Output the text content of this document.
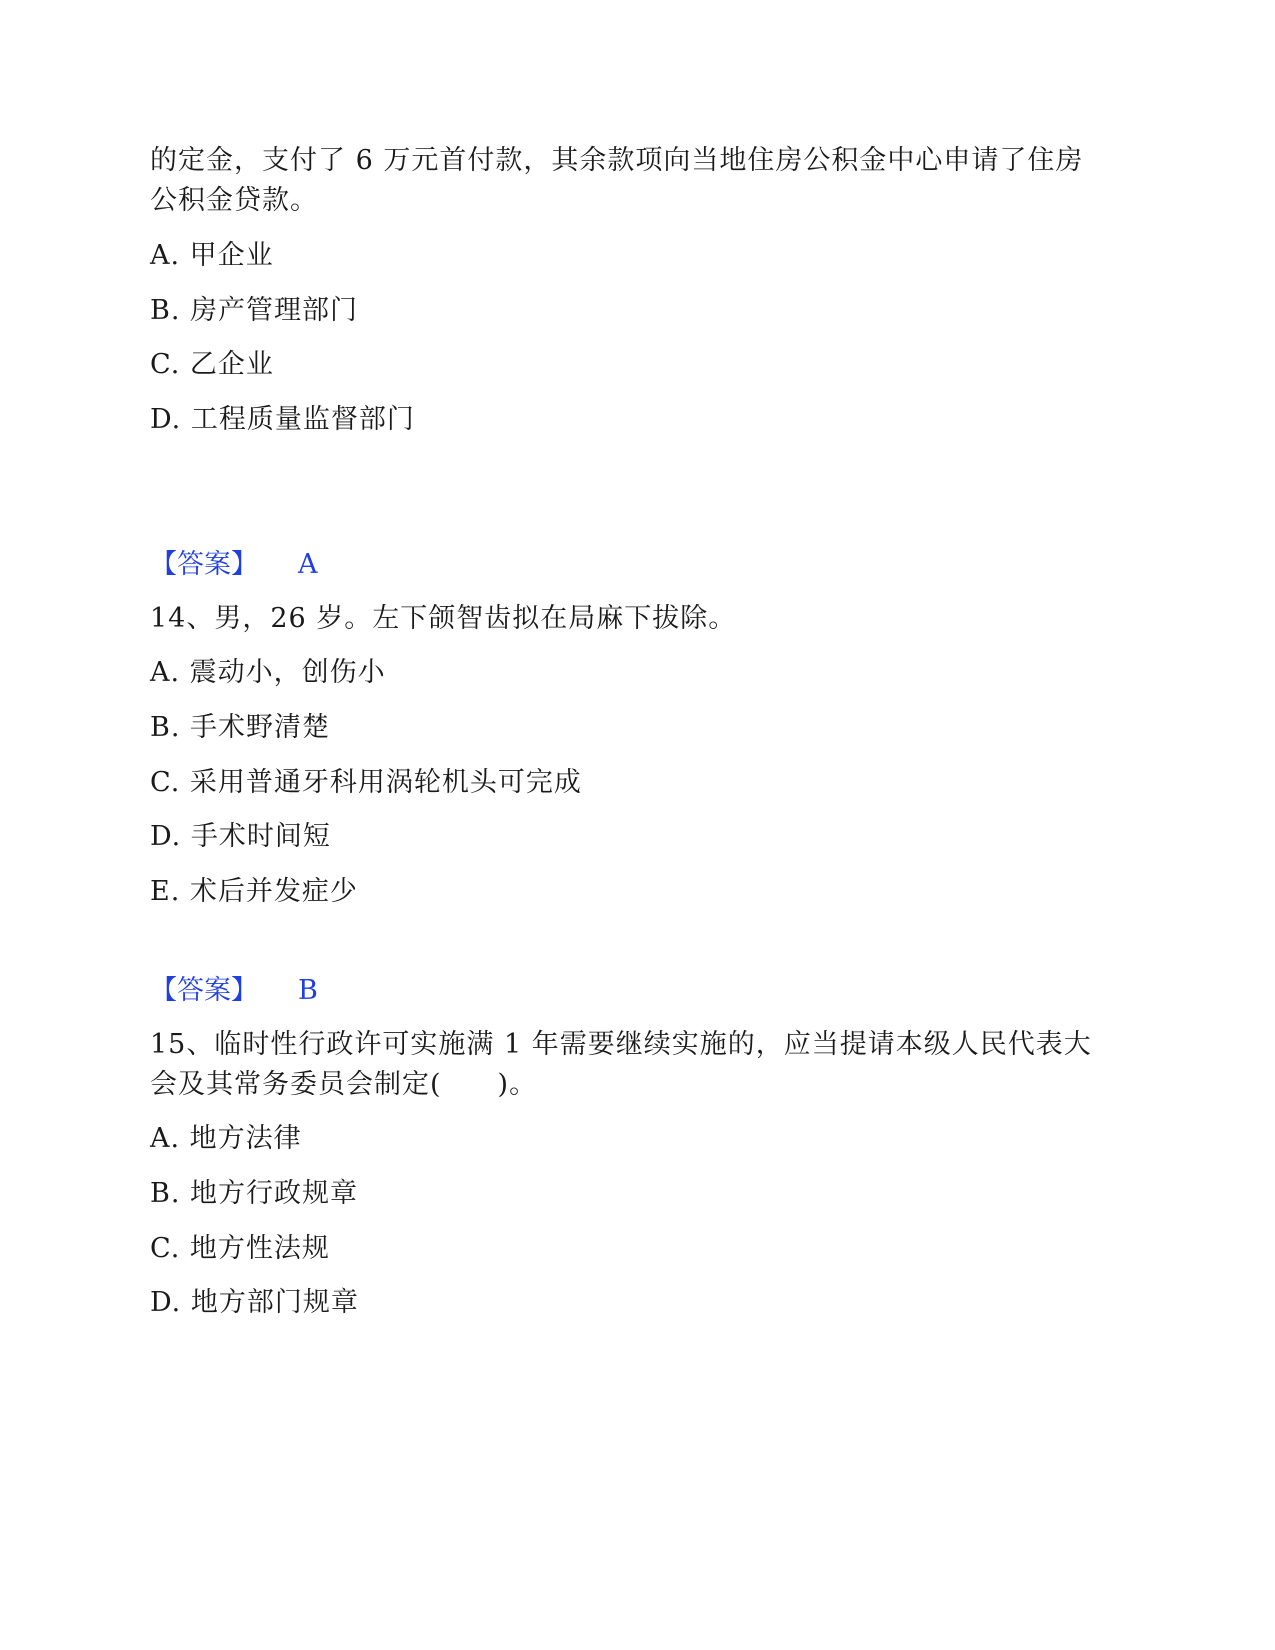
的定金，支付了 6 万元首付款，其余款项向当地住房公积金中心申请了住房
公积金贷款。
A. 甲企业
B. 房产管理部门
C. 乙企业
D. 工程质量监督部门
【答案】 A
14、男，26 岁。左下颌智齿拟在局麻下拔除。
A. 震动小，创伤小
B. 手术野清楚
C. 采用普通牙科用涡轮机头可完成
D. 手术时间短
E. 术后并发症少
【答案】 B
15、临时性行政许可实施满 1 年需要继续实施的，应当提请本级人民代表大
会及其常务委员会制定(　　)。
A. 地方法律
B. 地方行政规章
C. 地方性法规
D. 地方部门规章
